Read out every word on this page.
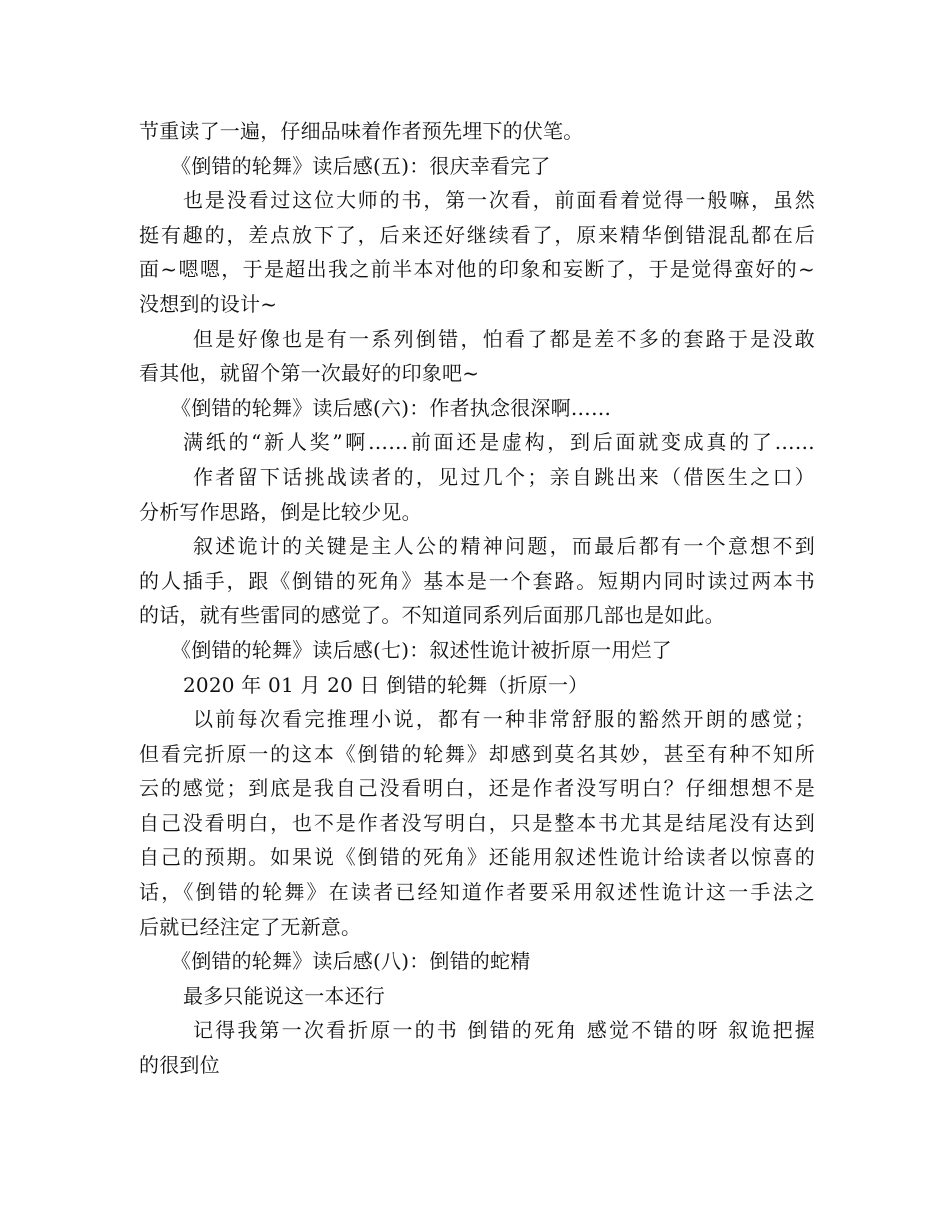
节重读了一遍，仔细品味着作者预先埋下的伏笔。
《倒错的轮舞》读后感(五)：很庆幸看完了
也是没看过这位大师的书，第一次看，前面看着觉得一般嘛，虽然
挺有趣的，差点放下了，后来还好继续看了，原来精华倒错混乱都在后
面~嗯嗯，于是超出我之前半本对他的印象和妄断了，于是觉得蛮好的~
没想到的设计~
但是好像也是有一系列倒错，怕看了都是差不多的套路于是没敢
看其他，就留个第一次最好的印象吧~
《倒错的轮舞》读后感(六)：作者执念很深啊……
满纸的“新人奖”啊……前面还是虚构，到后面就变成真的了……
作者留下话挑战读者的，见过几个；亲自跳出来（借医生之口）
分析写作思路，倒是比较少见。
叙述诡计的关键是主人公的精神问题，而最后都有一个意想不到
的人插手，跟《倒错的死角》基本是一个套路。短期内同时读过两本书
的话，就有些雷同的感觉了。不知道同系列后面那几部也是如此。
《倒错的轮舞》读后感(七)：叙述性诡计被折原一用烂了
2020 年 01 月 20 日 倒错的轮舞（折原一）
以前每次看完推理小说，都有一种非常舒服的豁然开朗的感觉；
但看完折原一的这本《倒错的轮舞》却感到莫名其妙，甚至有种不知所
云的感觉；到底是我自己没看明白，还是作者没写明白？仔细想想不是
自己没看明白，也不是作者没写明白，只是整本书尤其是结尾没有达到
自己的预期。如果说《倒错的死角》还能用叙述性诡计给读者以惊喜的
话，《倒错的轮舞》在读者已经知道作者要采用叙述性诡计这一手法之
后就已经注定了无新意。
《倒错的轮舞》读后感(八)：倒错的蛇精
最多只能说这一本还行
记得我第一次看折原一的书 倒错的死角 感觉不错的呀 叙诡把握
的很到位
